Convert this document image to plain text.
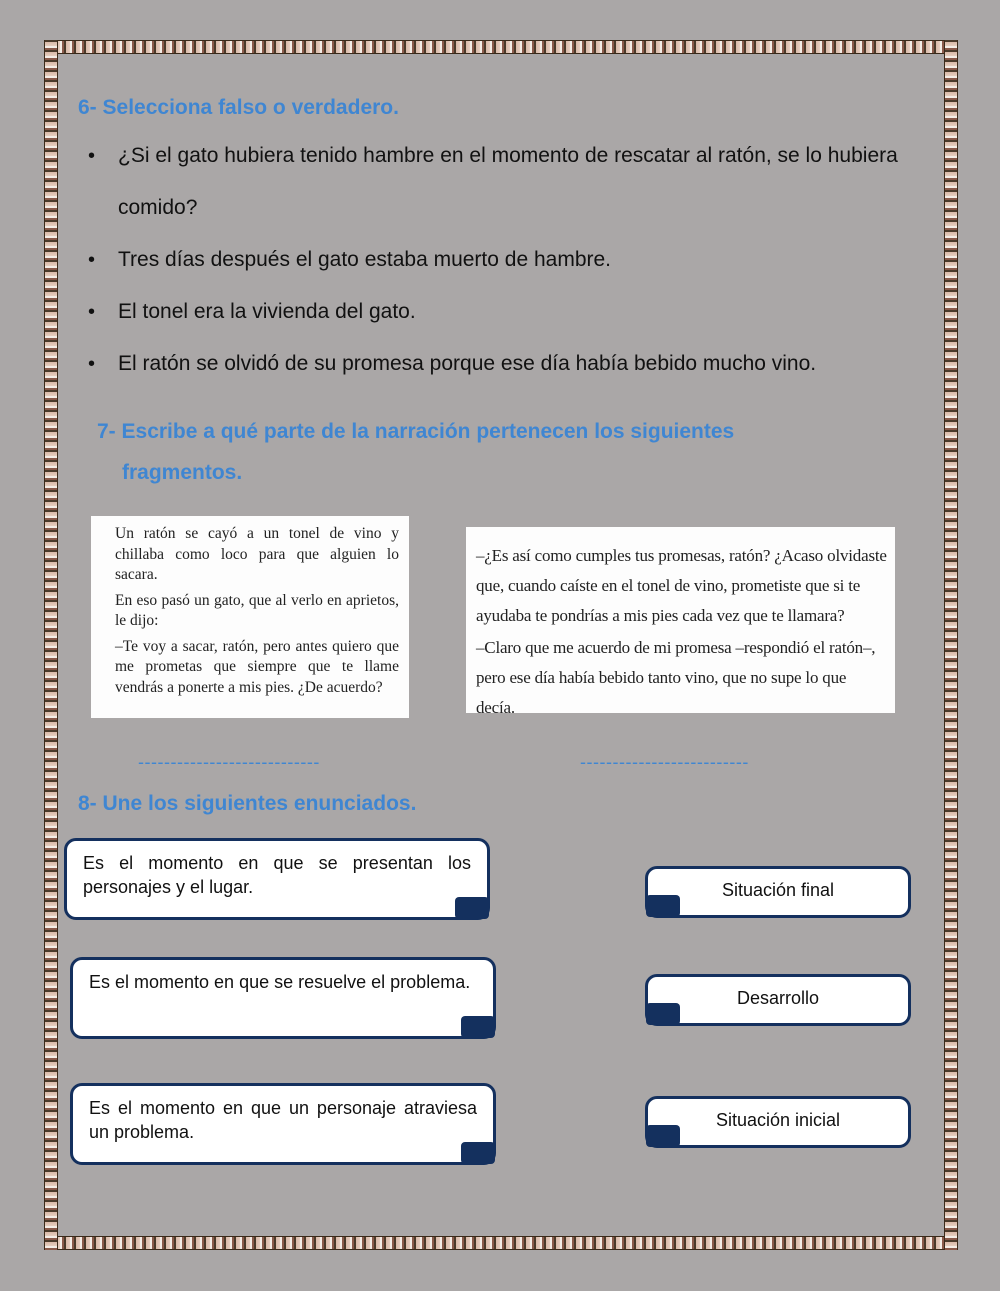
6- Selecciona falso o verdadero.
• ¿Si el gato hubiera tenido hambre en el momento de rescatar al ratón, se lo hubiera comido?
• Tres días después el gato estaba muerto de hambre.
• El tonel era la vivienda del gato.
• El ratón se olvidó de su promesa porque ese día había bebido mucho vino.
7- Escribe a qué parte de la narración pertenecen los siguientes
fragmentos.

Un ratón se cayó a un tonel de vino y chillaba como loco para que alguien lo sacara.

En eso pasó un gato, que al verlo en aprietos, le dijo:

–Te voy a sacar, ratón, pero antes quiero que me prometas que siempre que te llame vendrás a ponerte a mis pies. ¿De acuerdo?

–¿Es así como cumples tus promesas, ratón? ¿Acaso olvidaste que, cuando caíste en el tonel de vino, prometiste que si te ayudaba te pondrías a mis pies cada vez que te llamara?

–Claro que me acuerdo de mi promesa –respondió el ratón–, pero ese día había bebido tanto vino, que no supe lo que decía.

----------------------------	--------------------------
8- Une los siguientes enunciados.
Es el momento en que se presentan los personajes y el lugar.
Es el momento en que se resuelve el problema.
Es el momento en que un personaje atraviesa un problema.
Situación final
Desarrollo
Situación inicial
